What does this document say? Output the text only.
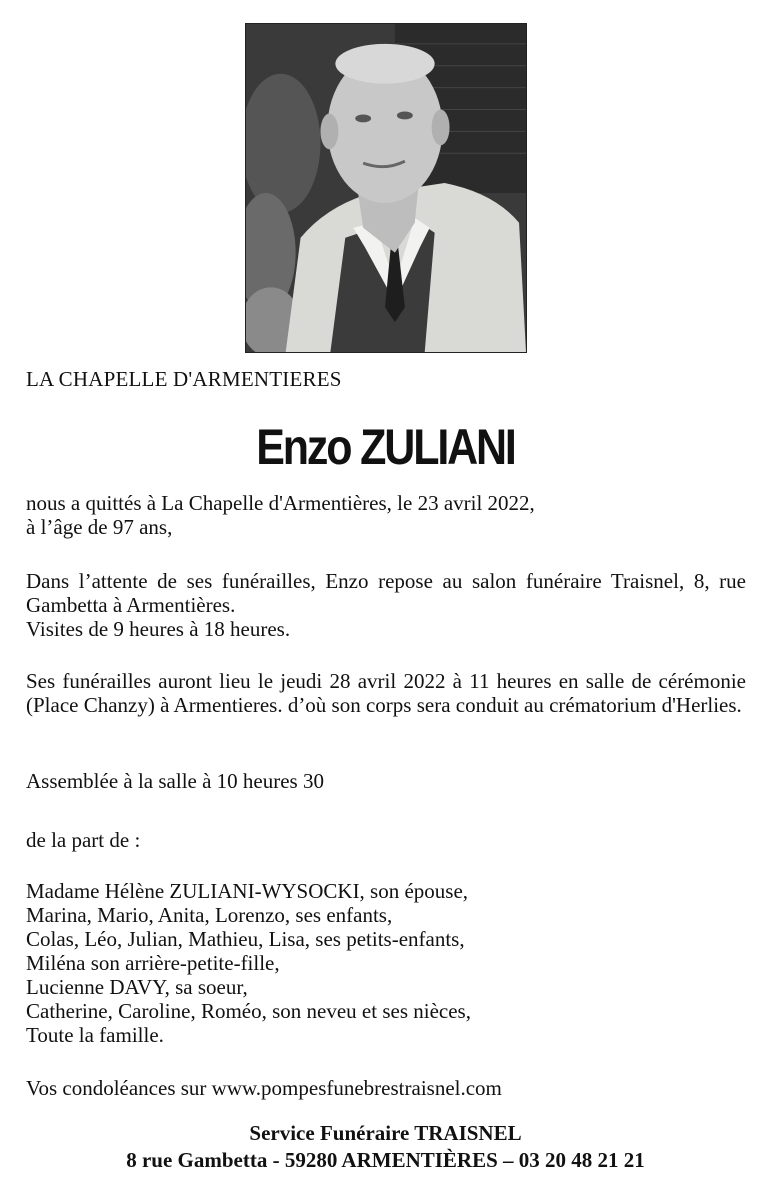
LA CHAPELLE D'ARMENTIERES
Enzo ZULIANI
nous a quittés à La Chapelle d'Armentières, le 23 avril 2022,
à l’âge de 97 ans,
Dans l’attente de ses funérailles, Enzo repose au salon funéraire Traisnel, 8, rue Gambetta à Armentières.
Visites de 9 heures à 18 heures.
Ses funérailles auront lieu le jeudi 28 avril 2022 à 11 heures en salle de cérémonie (Place Chanzy) à Armentieres. d’où son corps sera conduit au crématorium d'Herlies.
Assemblée à la salle à 10 heures 30
de la part de :
Madame Hélène ZULIANI-WYSOCKI, son épouse,
Marina, Mario, Anita, Lorenzo, ses enfants,
Colas, Léo, Julian, Mathieu, Lisa, ses petits-enfants,
Miléna son arrière-petite-fille,
Lucienne DAVY, sa soeur,
Catherine, Caroline, Roméo, son neveu et ses nièces,
Toute la famille.
Vos condoléances sur www.pompesfunebrestraisnel.com
Service Funéraire TRAISNEL
8 rue Gambetta - 59280 ARMENTIÈRES – 03 20 48 21 21
